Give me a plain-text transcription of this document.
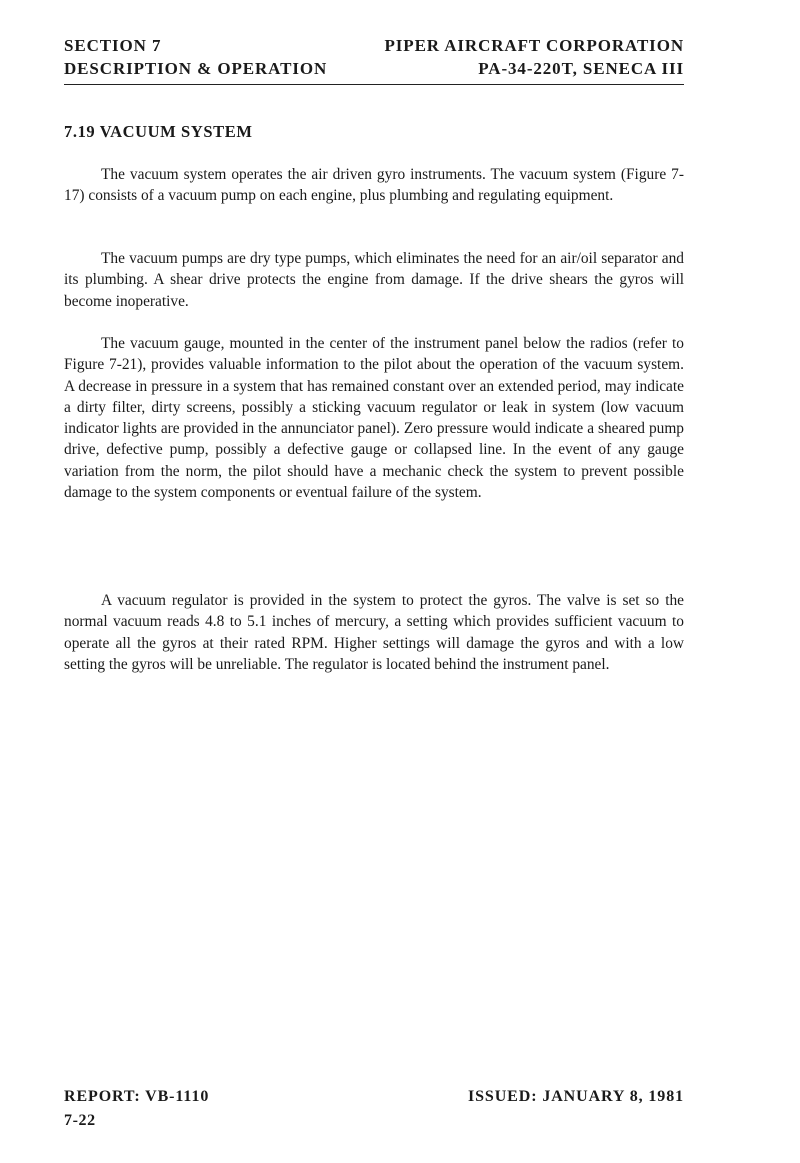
SECTION 7	PIPER AIRCRAFT CORPORATION
DESCRIPTION & OPERATION	PA-34-220T, SENECA III
7.19 VACUUM SYSTEM

The vacuum system operates the air driven gyro instruments. The vacuum system (Figure 7-17) consists of a vacuum pump on each engine, plus plumbing and regulating equipment.

The vacuum pumps are dry type pumps, which eliminates the need for an air/oil separator and its plumbing. A shear drive protects the engine from damage. If the drive shears the gyros will become inoperative.

The vacuum gauge, mounted in the center of the instrument panel below the radios (refer to Figure 7-21), provides valuable information to the pilot about the operation of the vacuum system. A decrease in pressure in a system that has remained constant over an extended period, may indicate a dirty filter, dirty screens, possibly a sticking vacuum regulator or leak in system (low vacuum indicator lights are provided in the annunciator panel). Zero pressure would indicate a sheared pump drive, defective pump, possibly a defective gauge or collapsed line. In the event of any gauge variation from the norm, the pilot should have a mechanic check the system to prevent possible damage to the system components or eventual failure of the system.

A vacuum regulator is provided in the system to protect the gyros. The valve is set so the normal vacuum reads 4.8 to 5.1 inches of mercury, a setting which provides sufficient vacuum to operate all the gyros at their rated RPM. Higher settings will damage the gyros and with a low setting the gyros will be unreliable. The regulator is located behind the instrument panel.

REPORT: VB-1110	ISSUED: JANUARY 8, 1981
7-22
